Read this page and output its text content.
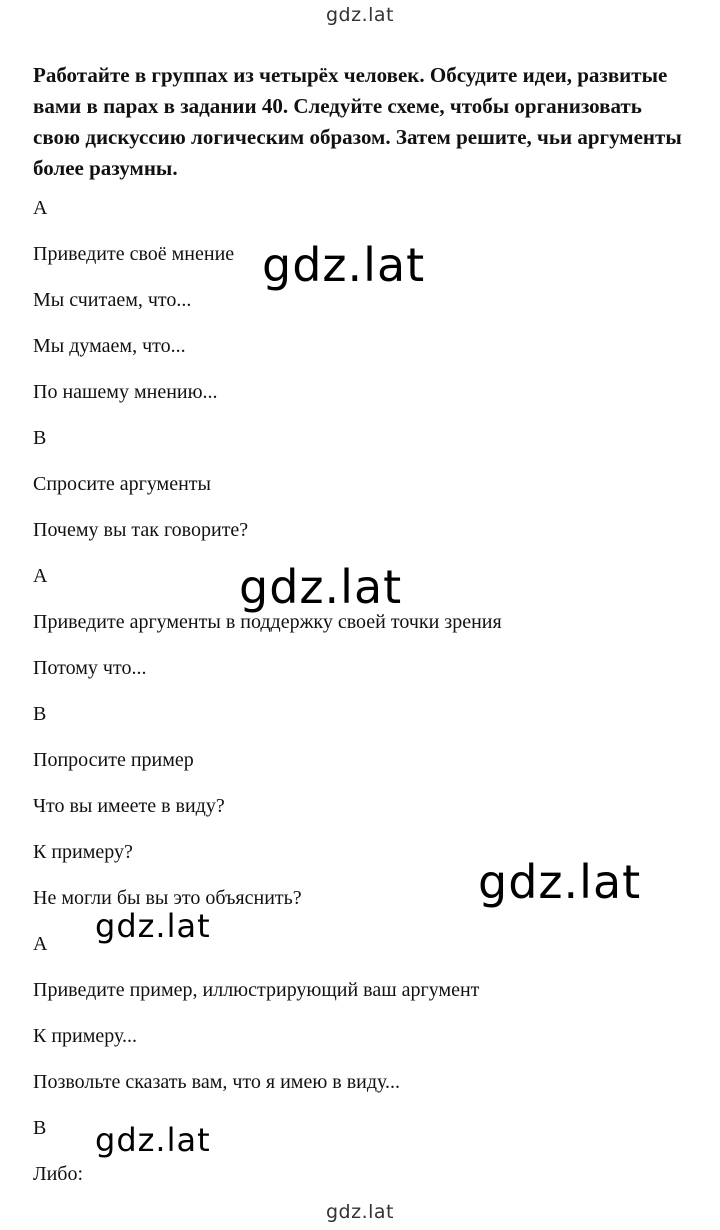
gdz.lat

Работайте в группах из четырёх человек. Обсудите идеи, развитые вами в парах в задании 40. Следуйте схеме, чтобы организовать свою дискуссию логическим образом. Затем решите, чьи аргументы более разумны.

A

Приведите своё мнение

Мы считаем, что...

Мы думаем, что...

По нашему мнению...

B

Спросите аргументы

Почему вы так говорите?

A

Приведите аргументы в поддержку своей точки зрения

Потому что...

B

Попросите пример

Что вы имеете в виду?

К примеру?

Не могли бы вы это объяснить?

A

Приведите пример, иллюстрирующий ваш аргумент

К примеру...

Позвольте сказать вам, что я имею в виду...

B

Либо:

gdz.lat
gdz.lat
gdz.lat
gdz.lat
gdz.lat
gdz.lat
